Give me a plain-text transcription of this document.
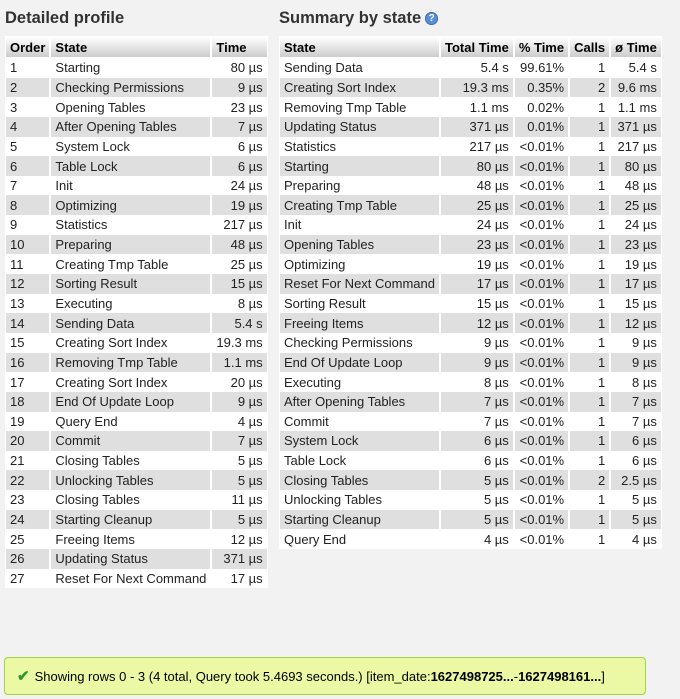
Detailed profile
Order	State	Time
1	Starting	80 µs
2	Checking Permissions	9 µs
3	Opening Tables	23 µs
4	After Opening Tables	7 µs
5	System Lock	6 µs
6	Table Lock	6 µs
7	Init	24 µs
8	Optimizing	19 µs
9	Statistics	217 µs
10	Preparing	48 µs
11	Creating Tmp Table	25 µs
12	Sorting Result	15 µs
13	Executing	8 µs
14	Sending Data	5.4 s
15	Creating Sort Index	19.3 ms
16	Removing Tmp Table	1.1 ms
17	Creating Sort Index	20 µs
18	End Of Update Loop	9 µs
19	Query End	4 µs
20	Commit	7 µs
21	Closing Tables	5 µs
22	Unlocking Tables	5 µs
23	Closing Tables	11 µs
24	Starting Cleanup	5 µs
25	Freeing Items	12 µs
26	Updating Status	371 µs
27	Reset For Next Command	17 µs
Summary by state ?
State	Total Time	% Time	Calls	ø Time
Sending Data	5.4 s	99.61%	1	5.4 s
Creating Sort Index	19.3 ms	0.35%	2	9.6 ms
Removing Tmp Table	1.1 ms	0.02%	1	1.1 ms
Updating Status	371 µs	0.01%	1	371 µs
Statistics	217 µs	<0.01%	1	217 µs
Starting	80 µs	<0.01%	1	80 µs
Preparing	48 µs	<0.01%	1	48 µs
Creating Tmp Table	25 µs	<0.01%	1	25 µs
Init	24 µs	<0.01%	1	24 µs
Opening Tables	23 µs	<0.01%	1	23 µs
Optimizing	19 µs	<0.01%	1	19 µs
Reset For Next Command	17 µs	<0.01%	1	17 µs
Sorting Result	15 µs	<0.01%	1	15 µs
Freeing Items	12 µs	<0.01%	1	12 µs
Checking Permissions	9 µs	<0.01%	1	9 µs
End Of Update Loop	9 µs	<0.01%	1	9 µs
Executing	8 µs	<0.01%	1	8 µs
After Opening Tables	7 µs	<0.01%	1	7 µs
Commit	7 µs	<0.01%	1	7 µs
System Lock	6 µs	<0.01%	1	6 µs
Table Lock	6 µs	<0.01%	1	6 µs
Closing Tables	5 µs	<0.01%	2	2.5 µs
Unlocking Tables	5 µs	<0.01%	1	5 µs
Starting Cleanup	5 µs	<0.01%	1	5 µs
Query End	4 µs	<0.01%	1	4 µs
✔ Showing rows 0 - 3 (4 total, Query took 5.4693 seconds.) [item_date: 1627498725... - 1627498161... ]
